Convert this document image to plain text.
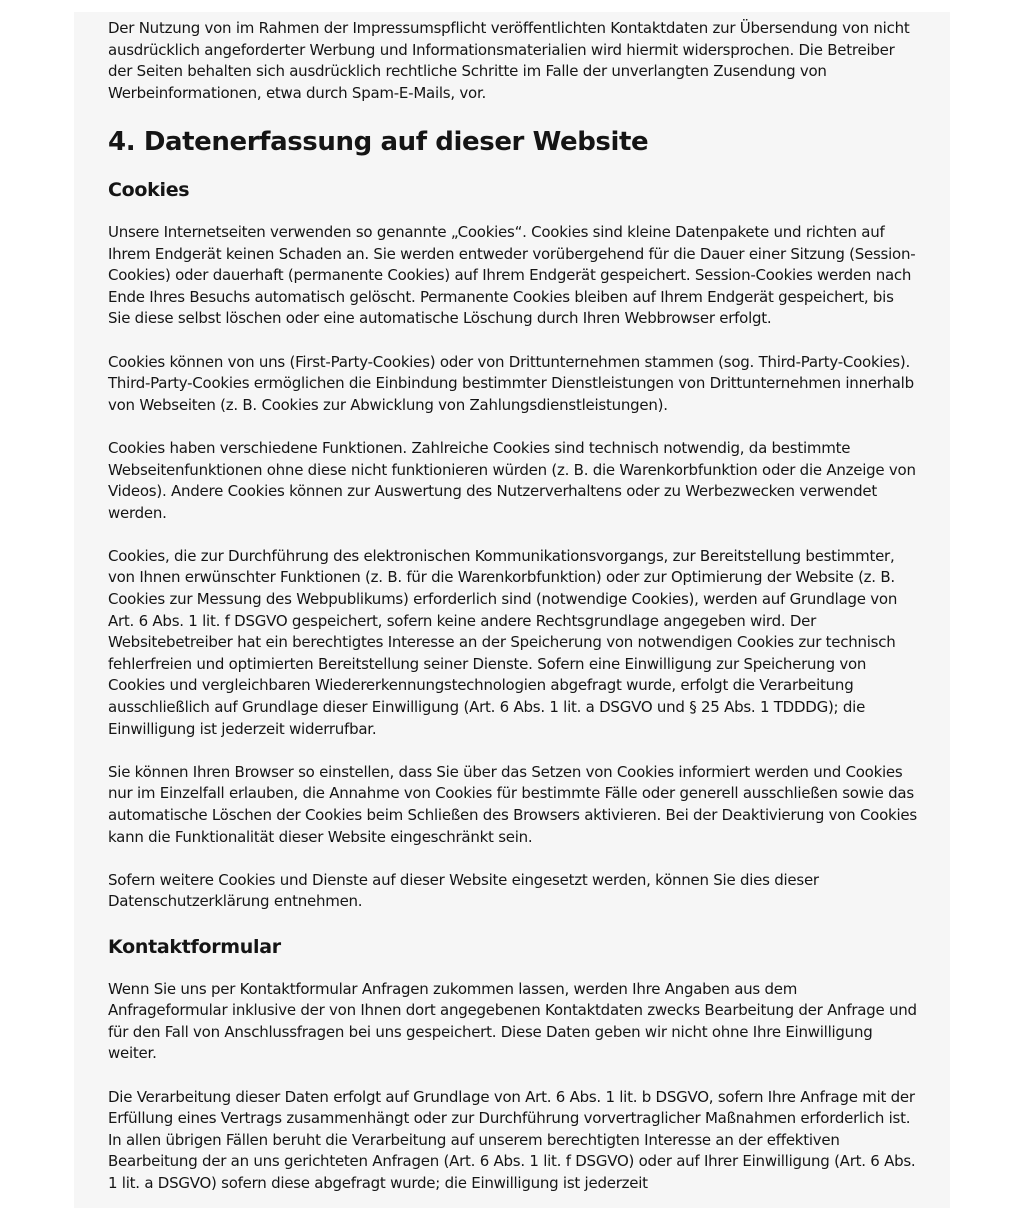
Der Nutzung von im Rahmen der Impressumspflicht veröffentlichten Kontaktdaten zur Übersendung von nicht ausdrücklich angeforderter Werbung und Informationsmaterialien wird hiermit widersprochen. Die Betreiber der Seiten behalten sich ausdrücklich rechtliche Schritte im Falle der unverlangten Zusendung von Werbeinformationen, etwa durch Spam-E-Mails, vor.

4. Datenerfassung auf dieser Website
Cookies

Unsere Internetseiten verwenden so genannte „Cookies“. Cookies sind kleine Datenpakete und richten auf Ihrem Endgerät keinen Schaden an. Sie werden entweder vorübergehend für die Dauer einer Sitzung (Session-Cookies) oder dauerhaft (permanente Cookies) auf Ihrem Endgerät gespeichert. Session-Cookies werden nach Ende Ihres Besuchs automatisch gelöscht. Permanente Cookies bleiben auf Ihrem Endgerät gespeichert, bis Sie diese selbst löschen oder eine automatische Löschung durch Ihren Webbrowser erfolgt.

Cookies können von uns (First-Party-Cookies) oder von Drittunternehmen stammen (sog. Third-Party-Cookies). Third-Party-Cookies ermöglichen die Einbindung bestimmter Dienstleistungen von Drittunternehmen innerhalb von Webseiten (z. B. Cookies zur Abwicklung von Zahlungsdienstleistungen).

Cookies haben verschiedene Funktionen. Zahlreiche Cookies sind technisch notwendig, da bestimmte Webseitenfunktionen ohne diese nicht funktionieren würden (z. B. die Warenkorbfunktion oder die Anzeige von Videos). Andere Cookies können zur Auswertung des Nutzerverhaltens oder zu Werbezwecken verwendet werden.

Cookies, die zur Durchführung des elektronischen Kommunikationsvorgangs, zur Bereitstellung bestimmter, von Ihnen erwünschter Funktionen (z. B. für die Warenkorbfunktion) oder zur Optimierung der Website (z. B. Cookies zur Messung des Webpublikums) erforderlich sind (notwendige Cookies), werden auf Grundlage von Art. 6 Abs. 1 lit. f DSGVO gespeichert, sofern keine andere Rechtsgrundlage angegeben wird. Der Websitebetreiber hat ein berechtigtes Interesse an der Speicherung von notwendigen Cookies zur technisch fehlerfreien und optimierten Bereitstellung seiner Dienste. Sofern eine Einwilligung zur Speicherung von Cookies und vergleichbaren Wiedererkennungstechnologien abgefragt wurde, erfolgt die Verarbeitung ausschließlich auf Grundlage dieser Einwilligung (Art. 6 Abs. 1 lit. a DSGVO und § 25 Abs. 1 TDDDG); die Einwilligung ist jederzeit widerrufbar.

Sie können Ihren Browser so einstellen, dass Sie über das Setzen von Cookies informiert werden und Cookies nur im Einzelfall erlauben, die Annahme von Cookies für bestimmte Fälle oder generell ausschließen sowie das automatische Löschen der Cookies beim Schließen des Browsers aktivieren. Bei der Deaktivierung von Cookies kann die Funktionalität dieser Website eingeschränkt sein.

Sofern weitere Cookies und Dienste auf dieser Website eingesetzt werden, können Sie dies dieser Datenschutzerklärung entnehmen.

Kontaktformular

Wenn Sie uns per Kontaktformular Anfragen zukommen lassen, werden Ihre Angaben aus dem Anfrageformular inklusive der von Ihnen dort angegebenen Kontaktdaten zwecks Bearbeitung der Anfrage und für den Fall von Anschlussfragen bei uns gespeichert. Diese Daten geben wir nicht ohne Ihre Einwilligung weiter.

Die Verarbeitung dieser Daten erfolgt auf Grundlage von Art. 6 Abs. 1 lit. b DSGVO, sofern Ihre Anfrage mit der Erfüllung eines Vertrags zusammenhängt oder zur Durchführung vorvertraglicher Maßnahmen erforderlich ist. In allen übrigen Fällen beruht die Verarbeitung auf unserem berechtigten Interesse an der effektiven Bearbeitung der an uns gerichteten Anfragen (Art. 6 Abs. 1 lit. f DSGVO) oder auf Ihrer Einwilligung (Art. 6 Abs. 1 lit. a DSGVO) sofern diese abgefragt wurde; die Einwilligung ist jederzeit
